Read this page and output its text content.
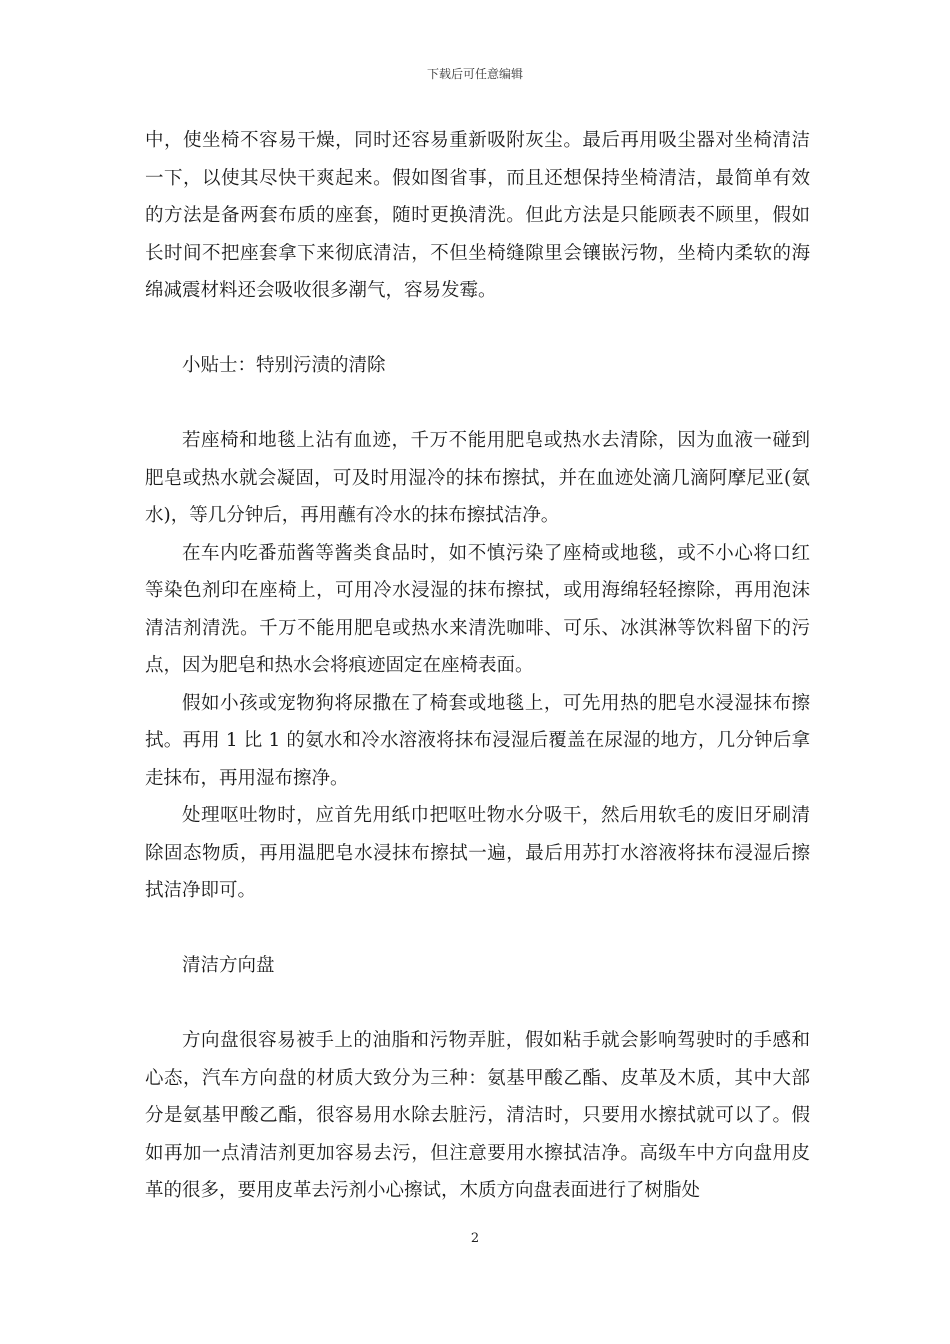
下载后可任意编辑

中，使坐椅不容易干燥，同时还容易重新吸附灰尘。最后再用吸尘器对坐椅清洁一下，以使其尽快干爽起来。假如图省事，而且还想保持坐椅清洁，最简单有效的方法是备两套布质的座套，随时更换清洗。但此方法是只能顾表不顾里，假如长时间不把座套拿下来彻底清洁，不但坐椅缝隙里会镶嵌污物，坐椅内柔软的海绵减震材料还会吸收很多潮气，容易发霉。

小贴士：特别污渍的清除

若座椅和地毯上沾有血迹，千万不能用肥皂或热水去清除，因为血液一碰到肥皂或热水就会凝固，可及时用湿冷的抹布擦拭，并在血迹处滴几滴阿摩尼亚(氨水)，等几分钟后，再用蘸有冷水的抹布擦拭洁净。

在车内吃番茄酱等酱类食品时，如不慎污染了座椅或地毯，或不小心将口红等染色剂印在座椅上，可用冷水浸湿的抹布擦拭，或用海绵轻轻擦除，再用泡沫清洁剂清洗。千万不能用肥皂或热水来清洗咖啡、可乐、冰淇淋等饮料留下的污点，因为肥皂和热水会将痕迹固定在座椅表面。

假如小孩或宠物狗将尿撒在了椅套或地毯上，可先用热的肥皂水浸湿抹布擦拭。再用 1 比 1 的氨水和冷水溶液将抹布浸湿后覆盖在尿湿的地方，几分钟后拿走抹布，再用湿布擦净。

处理呕吐物时，应首先用纸巾把呕吐物水分吸干，然后用软毛的废旧牙刷清除固态物质，再用温肥皂水浸抹布擦拭一遍，最后用苏打水溶液将抹布浸湿后擦拭洁净即可。

清洁方向盘

方向盘很容易被手上的油脂和污物弄脏，假如粘手就会影响驾驶时的手感和心态，汽车方向盘的材质大致分为三种：氨基甲酸乙酯、皮革及木质，其中大部分是氨基甲酸乙酯，很容易用水除去脏污，清洁时，只要用水擦拭就可以了。假如再加一点清洁剂更加容易去污，但注意要用水擦拭洁净。高级车中方向盘用皮革的很多，要用皮革去污剂小心擦试，木质方向盘表面进行了树脂处

2
